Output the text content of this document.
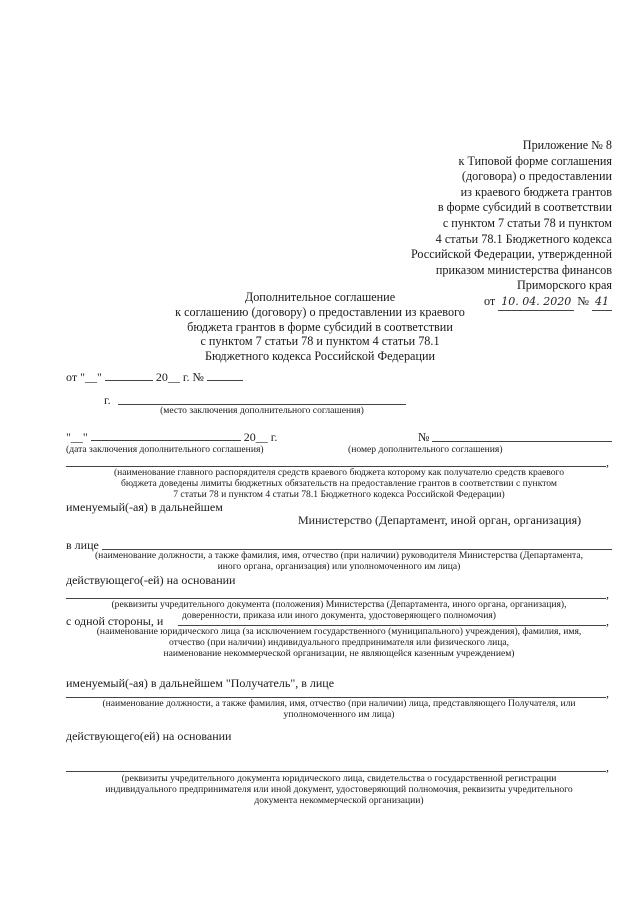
Приложение № 8
к Типовой форме соглашения
(договора) о предоставлении
из краевого бюджета грантов
в форме субсидий в соответствии
с пунктом 7 статьи 78 и пунктом
4 статьи 78.1 Бюджетного кодекса
Российской Федерации, утвержденной
приказом министерства финансов
Приморского края
от 10. 04. 2020 № 41
Дополнительное соглашение
к соглашению (договору) о предоставлении из краевого
бюджета грантов в форме субсидий в соответствии
с пунктом 7 статьи 78 и пунктом 4 статьи 78.1
Бюджетного кодекса Российской Федерации
от "__"	20__ г. №
г.
(место заключения дополнительного соглашения)
"__"	20__ г.
(дата заключения дополнительного соглашения)
№
(номер дополнительного соглашения)
,
(наименование главного распорядителя средств краевого бюджета которому как получателю средств краевого
бюджета доведены лимиты бюджетных обязательств на предоставление грантов в соответствии с пунктом
7 статьи 78 и пунктом 4 статьи 78.1 Бюджетного кодекса Российской Федерации)
именуемый(-ая) в дальнейшем
Министерство (Департамент, иной орган, организация)
в лице
(наименование должности, а также фамилия, имя, отчество (при наличии) руководителя Министерства (Департамента,
иного органа, организация) или уполномоченного им лица)
действующего(-ей) на основании
,
(реквизиты учредительного документа (положения) Министерства (Департамента, иного органа, организация),
доверенности, приказа или иного документа, удостоверяющего полномочия)
с одной стороны, и	,
(наименование юридического лица (за исключением государственного (муниципального) учреждения), фамилия, имя,
отчество (при наличии) индивидуального предпринимателя или физического лица,
наименование некоммерческой организации, не являющейся казенным учреждением)
именуемый(-ая) в дальнейшем "Получатель", в лице
,
(наименование должности, а также фамилия, имя, отчество (при наличии) лица, представляющего Получателя, или
уполномоченного им лица)
действующего(ей) на основании
,
(реквизиты учредительного документа юридического лица, свидетельства о государственной регистрации
индивидуального предпринимателя или иной документ, удостоверяющий полномочия, реквизиты учредительного
документа некоммерческой организации)
